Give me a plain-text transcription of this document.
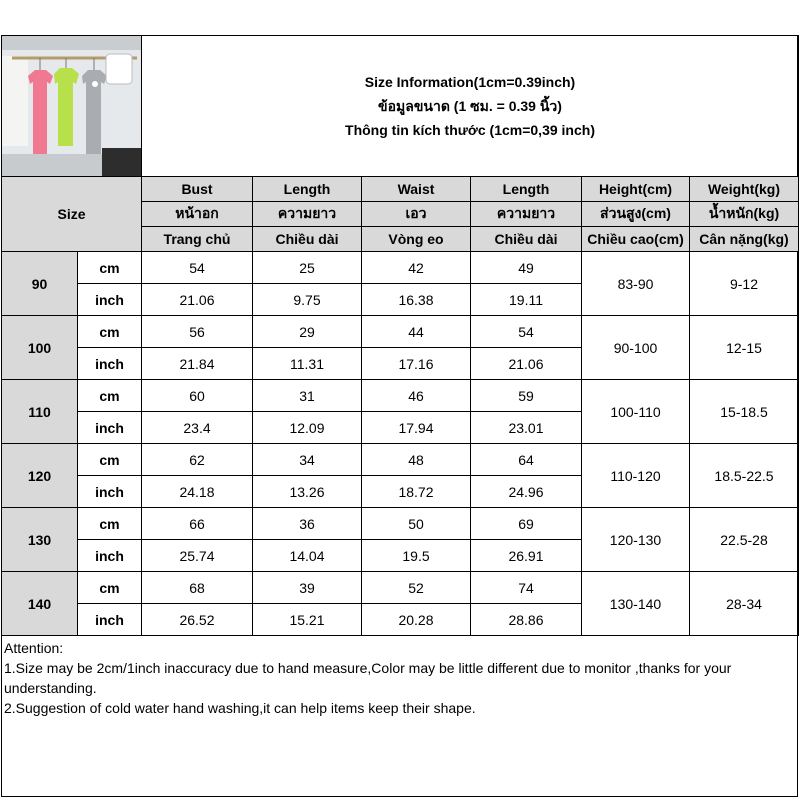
Size Information(1cm=0.39inch)
ข้อมูลขนาด (1 ซม. = 0.39 นิ้ว)
Thông tin kích thước (1cm=0,39 inch)					

Size		Bust	Length	Waist	Length	Height(cm)	Weight(kg)
		หน้าอก	ความยาว	เอว	ความยาว	ส่วนสูง(cm)	น้ำหนัก(kg)
		Trang chủ	Chiều dài	Vòng eo	Chiều dài	Chiều cao(cm)	Cân nặng(kg)
90	cm	54	25	42	49	83-90	9-12
	inch	21.06	9.75	16.38	19.11		
100	cm	56	29	44	54	90-100	12-15
	inch	21.84	11.31	17.16	21.06		
110	cm	60	31	46	59	100-110	15-18.5
	inch	23.4	12.09	17.94	23.01		
120	cm	62	34	48	64	110-120	18.5-22.5
	inch	24.18	13.26	18.72	24.96		
130	cm	66	36	50	69	120-130	22.5-28
	inch	25.74	14.04	19.5	26.91		
140	cm	68	39	52	74	130-140	28-34
	inch	26.52	15.21	20.28	28.86		
Attention:
1.Size may be 2cm/1inch inaccuracy due to hand measure,Color may be little different due to monitor ,thanks for your understanding.
2.Suggestion of cold water hand washing,it can help items keep their shape.
